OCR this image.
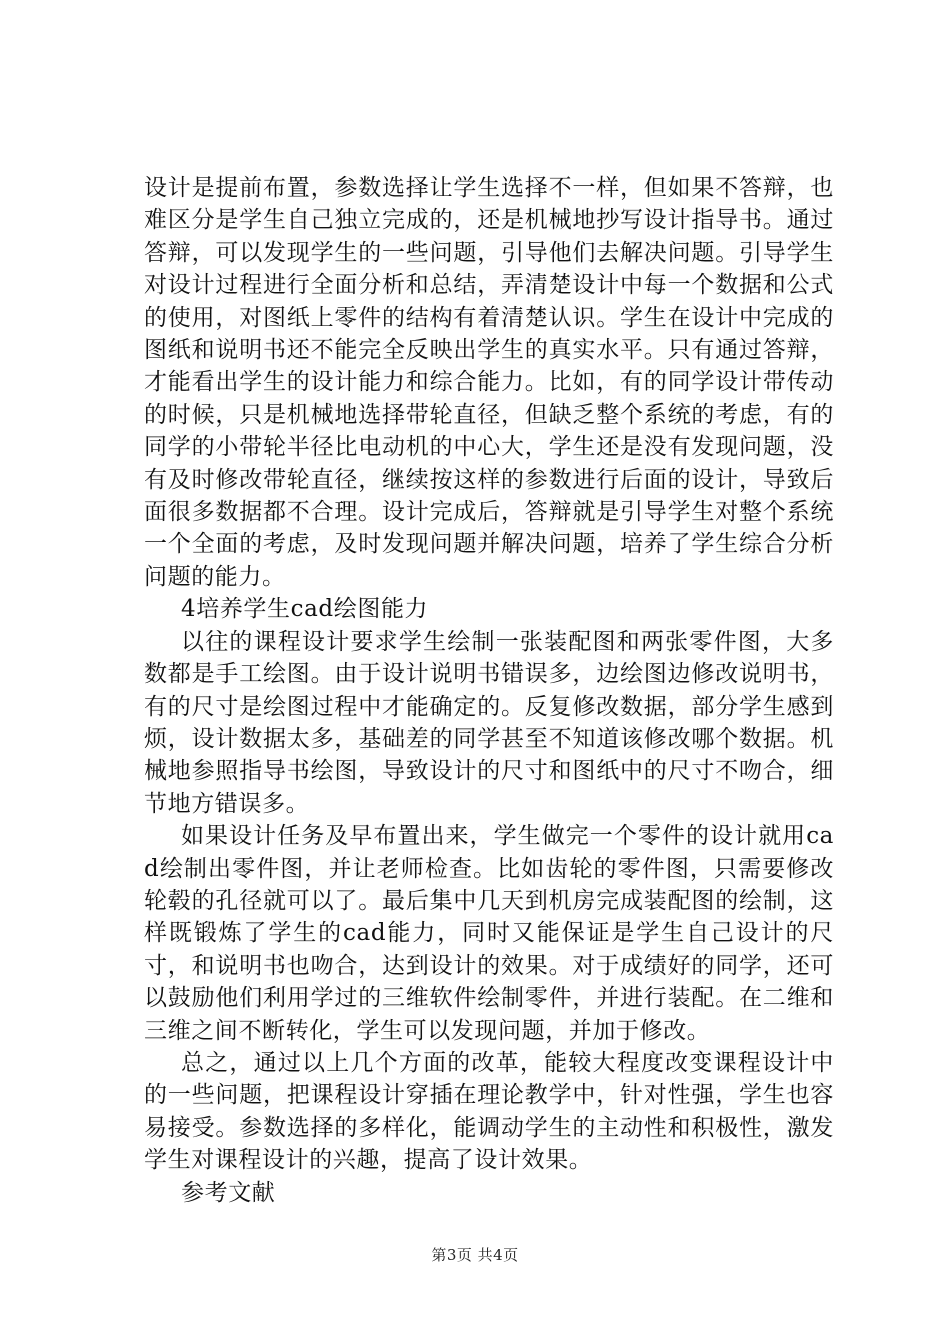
设计是提前布置，参数选择让学生选择不一样，但如果不答辩，也难区分是学生自己独立完成的，还是机械地抄写设计指导书。通过答辩，可以发现学生的一些问题，引导他们去解决问题。引导学生对设计过程进行全面分析和总结，弄清楚设计中每一个数据和公式的使用，对图纸上零件的结构有着清楚认识。学生在设计中完成的图纸和说明书还不能完全反映出学生的真实水平。只有通过答辩，才能看出学生的设计能力和综合能力。比如，有的同学设计带传动的时候，只是机械地选择带轮直径，但缺乏整个系统的考虑，有的同学的小带轮半径比电动机的中心大，学生还是没有发现问题，没有及时修改带轮直径，继续按这样的参数进行后面的设计，导致后面很多数据都不合理。设计完成后，答辩就是引导学生对整个系统一个全面的考虑，及时发现问题并解决问题，培养了学生综合分析问题的能力。

4培养学生cad绘图能力

以往的课程设计要求学生绘制一张装配图和两张零件图，大多数都是手工绘图。由于设计说明书错误多，边绘图边修改说明书，有的尺寸是绘图过程中才能确定的。反复修改数据，部分学生感到烦，设计数据太多，基础差的同学甚至不知道该修改哪个数据。机械地参照指导书绘图，导致设计的尺寸和图纸中的尺寸不吻合，细节地方错误多。

如果设计任务及早布置出来，学生做完一个零件的设计就用cad绘制出零件图，并让老师检查。比如齿轮的零件图，只需要修改轮毂的孔径就可以了。最后集中几天到机房完成装配图的绘制，这样既锻炼了学生的cad能力，同时又能保证是学生自己设计的尺寸，和说明书也吻合，达到设计的效果。对于成绩好的同学，还可以鼓励他们利用学过的三维软件绘制零件，并进行装配。在二维和三维之间不断转化，学生可以发现问题，并加于修改。

总之，通过以上几个方面的改革，能较大程度改变课程设计中的一些问题，把课程设计穿插在理论教学中，针对性强，学生也容易接受。参数选择的多样化，能调动学生的主动性和积极性，激发学生对课程设计的兴趣，提高了设计效果。

参考文献

第3页 共4页
